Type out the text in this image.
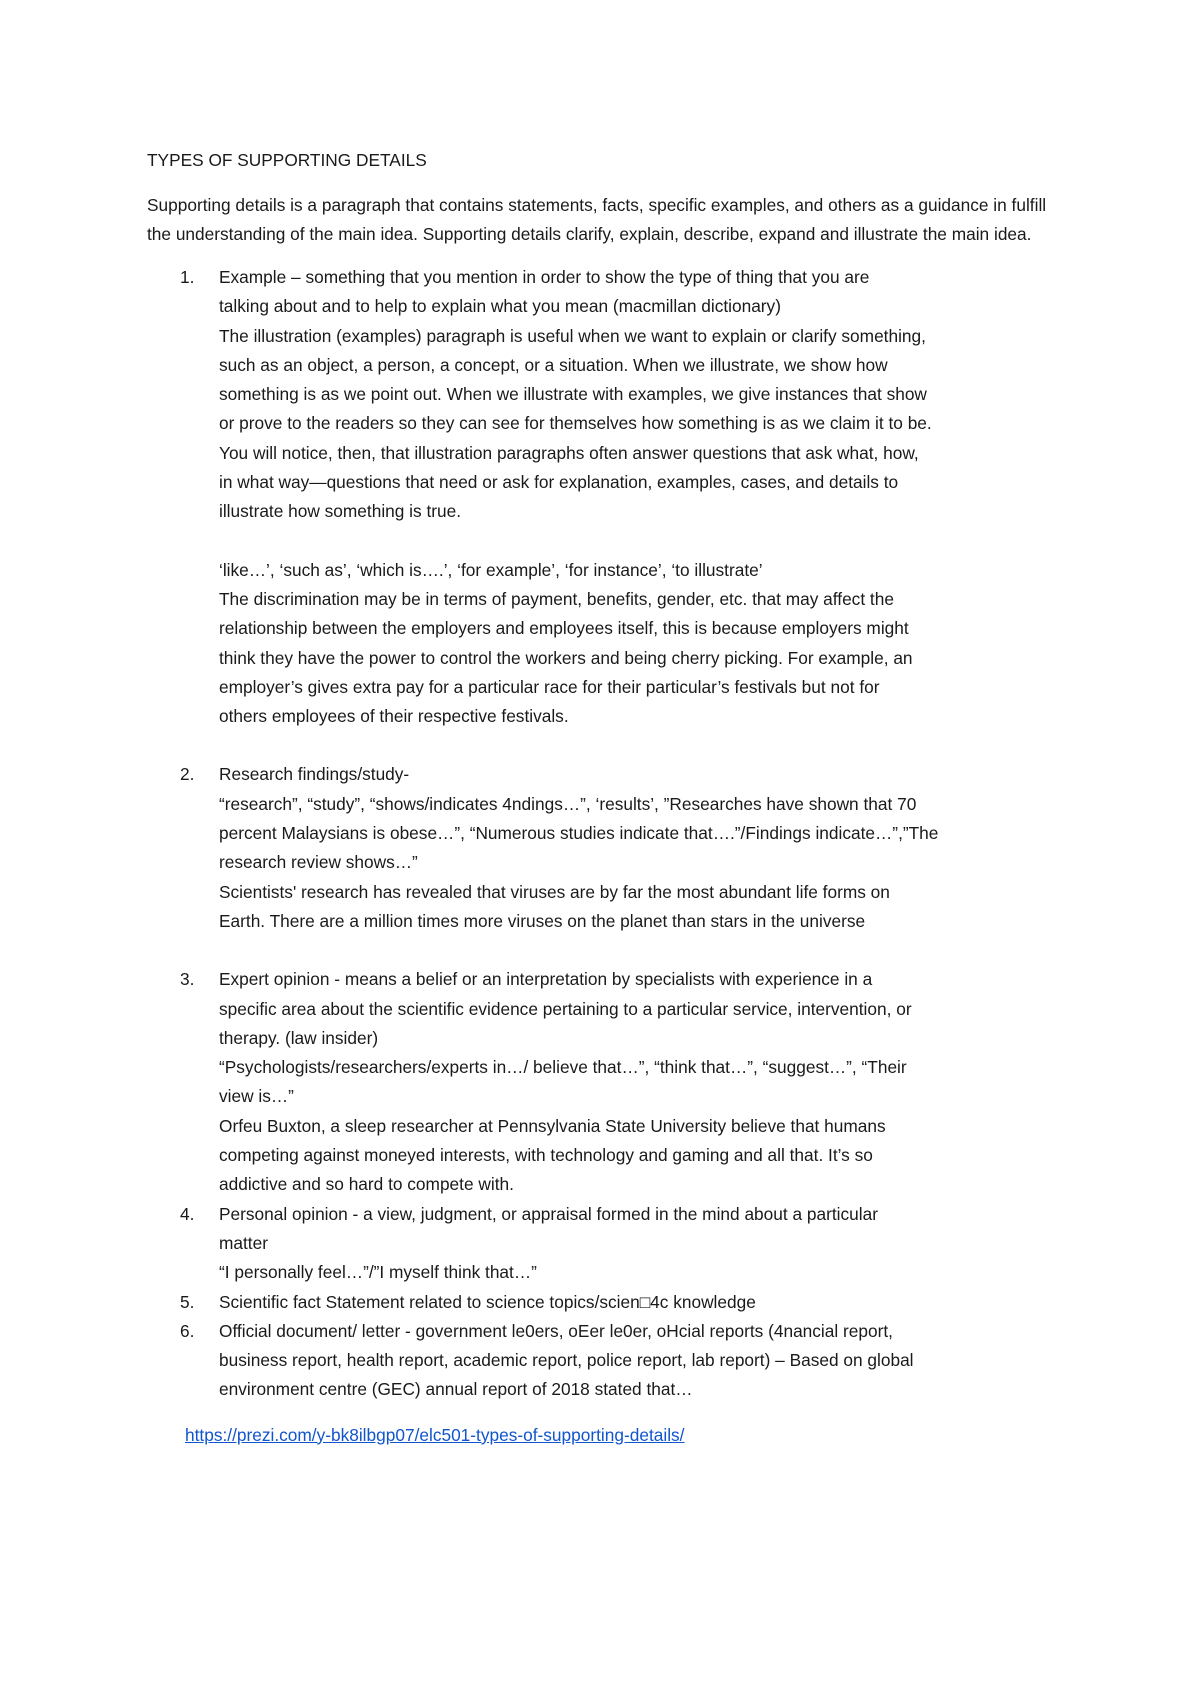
TYPES OF SUPPORTING DETAILS
Supporting details is a paragraph that contains statements, facts, specific examples, and others as a guidance in fulfill the understanding of the main idea. Supporting details clarify, explain, describe, expand and illustrate the main idea.
1. Example – something that you mention in order to show the type of thing that you are
talking about and to help to explain what you mean (macmillan dictionary)
The illustration (examples) paragraph is useful when we want to explain or clarify something,
such as an object, a person, a concept, or a situation. When we illustrate, we show how
something is as we point out. When we illustrate with examples, we give instances that show
or prove to the readers so they can see for themselves how something is as we claim it to be.
You will notice, then, that illustration paragraphs often answer questions that ask what, how,
in what way—questions that need or ask for explanation, examples, cases, and details to
illustrate how something is true.
‘like…’, ‘such as’, ‘which is….’, ‘for example’, ‘for instance’, ‘to illustrate’
The discrimination may be in terms of payment, benefits, gender, etc. that may affect the
relationship between the employers and employees itself, this is because employers might
think they have the power to control the workers and being cherry picking. For example, an
employer’s gives extra pay for a particular race for their particular’s festivals but not for
others employees of their respective festivals.
2. Research findings/study-
“research”, “study”, “shows/indicates 4ndings…”, ‘results’, ”Researches have shown that 70
percent Malaysians is obese…”, “Numerous studies indicate that….”/Findings indicate…”,”The
research review shows…”
Scientists' research has revealed that viruses are by far the most abundant life forms on
Earth. There are a million times more viruses on the planet than stars in the universe
3. Expert opinion - means a belief or an interpretation by specialists with experience in a
specific area about the scientific evidence pertaining to a particular service, intervention, or
therapy. (law insider)
“Psychologists/researchers/experts in…/ believe that…”, “think that…”, “suggest…”, “Their
view is…”
Orfeu Buxton, a sleep researcher at Pennsylvania State University believe that humans
competing against moneyed interests, with technology and gaming and all that. It’s so
addictive and so hard to compete with.
4. Personal opinion - a view, judgment, or appraisal formed in the mind about a particular
matter
“I personally feel…”/”I myself think that…”
5. Scientific fact Statement related to science topics/scien□4c knowledge
6. Official document/ letter - government le0ers, oEer le0er, oHcial reports (4nancial report,
business report, health report, academic report, police report, lab report) – Based on global
environment centre (GEC) annual report of 2018 stated that…
https://prezi.com/y-bk8ilbgp07/elc501-types-of-supporting-details/
